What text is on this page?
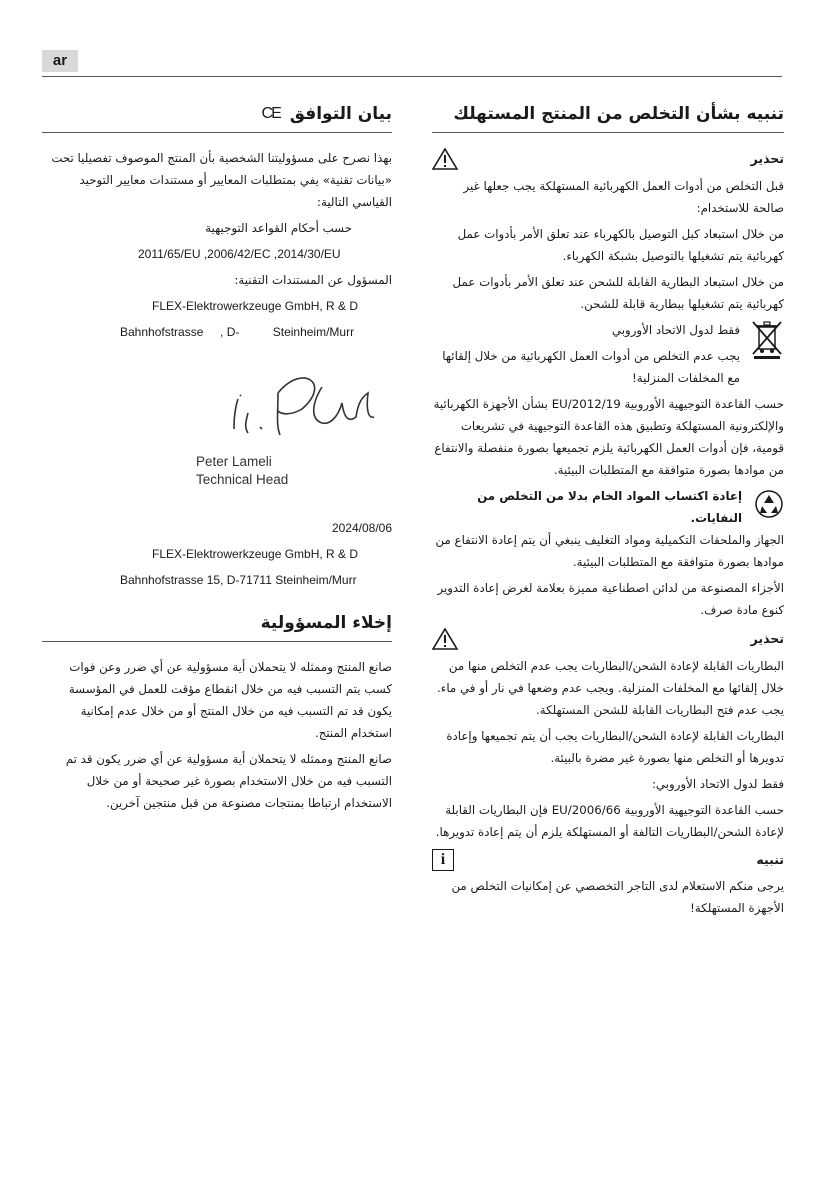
ar
تنبيه بشأن التخلص من المنتج المستهلك
تحذير

قبل التخلص من أدوات العمل الكهربائية المستهلكة يجب جعلها غير صالحة للاستخدام:

من خلال استبعاد كبل التوصيل بالكهرباء عند تعلق الأمر بأدوات عمل كهربائية يتم تشغيلها بالتوصيل بشبكة الكهرباء.

من خلال استبعاد البطارية القابلة للشحن عند تعلق الأمر بأدوات عمل كهربائية يتم تشغيلها ببطارية قابلة للشحن.

فقط لدول الاتحاد الأوروبي

يجب عدم التخلص من أدوات العمل الكهربائية من خلال إلقائها مع المخلفات المنزلية!

حسب القاعدة التوجيهية الأوروبية 2012/19/EU بشأن الأجهزة الكهربائية والإلكترونية المستهلكة وتطبيق هذه القاعدة التوجيهية في تشريعات قومية، فإن أدوات العمل الكهربائية يلزم تجميعها بصورة منفصلة والانتفاع من موادها بصورة متوافقة مع المتطلبات البيئية.

إعادة اكتساب المواد الخام بدلا من التخلص من النفايات.

الجهاز والملحقات التكميلية ومواد التغليف ينبغي أن يتم إعادة الانتفاع من موادها بصورة متوافقة مع المتطلبات البيئية.

الأجزاء المصنوعة من لدائن اصطناعية مميزة بعلامة لغرض إعادة التدوير كنوع مادة صرف.

تحذير

البطاريات القابلة لإعادة الشحن/البطاريات يجب عدم التخلص منها من خلال إلقائها مع المخلفات المنزلية. ويجب عدم وضعها في نار أو في ماء. يجب عدم فتح البطاريات القابلة للشحن المستهلكة.

البطاريات القابلة لإعادة الشحن/البطاريات يجب أن يتم تجميعها وإعادة تدويرها أو التخلص منها بصورة غير مضرة بالبيئة.

فقط لدول الاتحاد الأوروبي:

حسب القاعدة التوجيهية الأوروبية 2006/66/EU فإن البطاريات القابلة لإعادة الشحن/البطاريات التالفة أو المستهلكة يلزم أن يتم إعادة تدويرها.

تنبيه
i

يرجى منكم الاستعلام لدى التاجر التخصصي عن إمكانيات التخلص من الأجهزة المستهلكة!

بيان التوافق
CE

بهذا نصرح على مسؤوليتنا الشخصية بأن المنتج الموصوف تفصيليا تحت «بيانات تقنية» يفي بمتطلبات المعايير أو مستندات معايير التوحيد القياسي التالية:

حسب أحكام القواعد التوجيهية

2011/65/EU ,2006/42/EC ,2014/30/EU

المسؤول عن المستندات التقنية:

FLEX-Elektrowerkzeuge GmbH, R & D

Bahnhofstrasse     , D-          Steinheim/Murr

Peter Lameli
Technical Head

2024/08/06

FLEX-Elektrowerkzeuge GmbH, R & D

Bahnhofstrasse 15, D-71711 Steinheim/Murr

إخلاء المسؤولية

صانع المنتج وممثله لا يتحملان أية مسؤولية عن أي ضرر وعن فوات كسب يتم التسبب فيه من خلال انقطاع مؤقت للعمل في المؤسسة يكون قد تم التسبب فيه من خلال المنتج أو من خلال عدم إمكانية استخدام المنتج.

صانع المنتج وممثله لا يتحملان أية مسؤولية عن أي ضرر يكون قد تم التسبب فيه من خلال الاستخدام بصورة غير صحيحة أو من خلال الاستخدام ارتباطا بمنتجات مصنوعة من قبل منتجين آخرين.
